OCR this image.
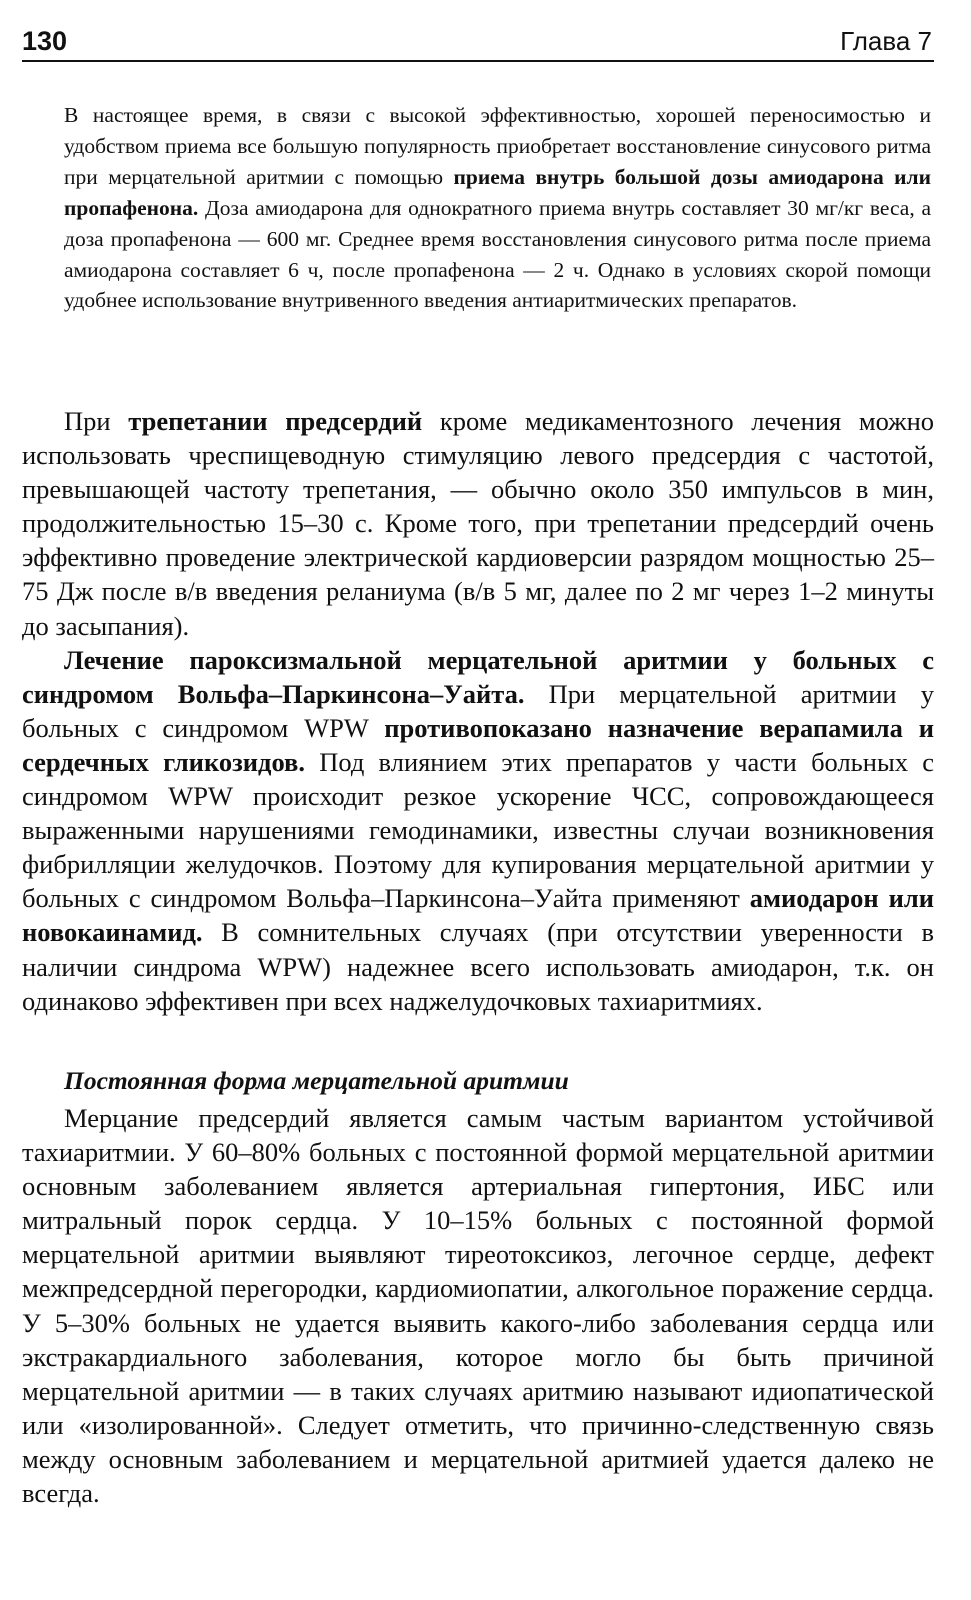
130	Глава 7

В настоящее время, в связи с высокой эффективностью, хорошей переносимостью и удобством приема все большую популярность приобретает восстановление синусового ритма при мерцательной аритмии с помощью приема внутрь большой дозы амиодарона или пропафенона. Доза амиодарона для однократного приема внутрь составляет 30 мг/кг веса, а доза пропафенона — 600 мг. Среднее время восстановления синусового ритма после приема амиодарона составляет 6 ч, после пропафенона — 2 ч. Однако в условиях скорой помощи удобнее использование внутривенного введения антиаритмических препаратов.

При трепетании предсердий кроме медикаментозного лечения можно использовать чреспищеводную стимуляцию левого предсердия с частотой, превышающей частоту трепетания, — обычно около 350 импульсов в мин, продолжительностью 15–30 с. Кроме того, при трепетании предсердий очень эффективно проведение электрической кардиоверсии разрядом мощностью 25–75 Дж после в/в введения реланиума (в/в 5 мг, далее по 2 мг через 1–2 минуты до засыпания).

Лечение пароксизмальной мерцательной аритмии у больных с синдромом Вольфа–Паркинсона–Уайта. При мерцательной аритмии у больных с синдромом WPW противопоказано назначение верапамила и сердечных гликозидов. Под влиянием этих препаратов у части больных с синдромом WPW происходит резкое ускорение ЧСС, сопровождающееся выраженными нарушениями гемодинамики, известны случаи возникновения фибрилляции желудочков. Поэтому для купирования мерцательной аритмии у больных с синдромом Вольфа–Паркинсона–Уайта применяют амиодарон или новокаинамид. В сомнительных случаях (при отсутствии уверенности в наличии синдрома WPW) надежнее всего использовать амиодарон, т.к. он одинаково эффективен при всех наджелудочковых тахиаритмиях.

Постоянная форма мерцательной аритмии

Мерцание предсердий является самым частым вариантом устойчивой тахиаритмии. У 60–80% больных с постоянной формой мерцательной аритмии основным заболеванием является артериальная гипертония, ИБС или митральный порок сердца. У 10–15% больных с постоянной формой мерцательной аритмии выявляют тиреотоксикоз, легочное сердце, дефект межпредсердной перегородки, кардиомиопатии, алкогольное поражение сердца. У 5–30% больных не удается выявить какого-либо заболевания сердца или экстракардиального заболевания, которое могло бы быть причиной мерцательной аритмии — в таких случаях аритмию называют идиопатической или «изолированной». Следует отметить, что причинно-следственную связь между основным заболеванием и мерцательной аритмией удается далеко не всегда.
